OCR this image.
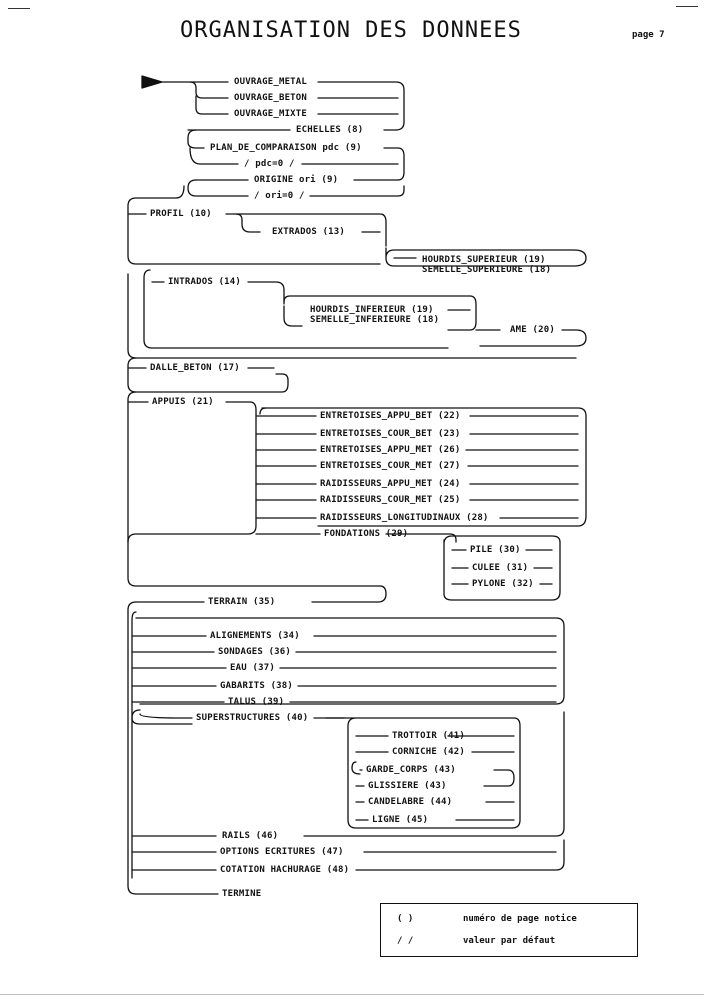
ORGANISATION DES DONNEES	page 7
OUVRAGE_METAL
OUVRAGE_BETON
OUVRAGE_MIXTE
ECHELLES (8)
PLAN_DE_COMPARAISON pdc (9)
/ pdc=0 /
ORIGINE ori (9)
/ ori=0 /
PROFIL (10)
EXTRADOS (13)
HOURDIS_SUPERIEUR (19)
SEMELLE_SUPERIEURE (18)
INTRADOS (14)
HOURDIS_INFERIEUR (19)
SEMELLE_INFERIEURE (18)
AME (20)
DALLE_BETON (17)
APPUIS (21)
ENTRETOISES_APPU_BET (22)
ENTRETOISES_COUR_BET (23)
ENTRETOISES_APPU_MET (26)
ENTRETOISES_COUR_MET (27)
RAIDISSEURS_APPU_MET (24)
RAIDISSEURS_COUR_MET (25)
RAIDISSEURS_LONGITUDINAUX (28)
FONDATIONS (29)
PILE (30)
CULEE (31)
PYLONE (32)
TERRAIN (35)
ALIGNEMENTS (34)
SONDAGES (36)
EAU (37)
GABARITS (38)
TALUS (39)
SUPERSTRUCTURES (40)
TROTTOIR (41)
CORNICHE (42)
GARDE_CORPS (43)
GLISSIERE (43)
CANDELABRE (44)
LIGNE (45)
RAILS (46)
OPTIONS ECRITURES (47)
COTATION HACHURAGE (48)
TERMINE
( )	numéro de page notice
/ /	valeur par défaut
